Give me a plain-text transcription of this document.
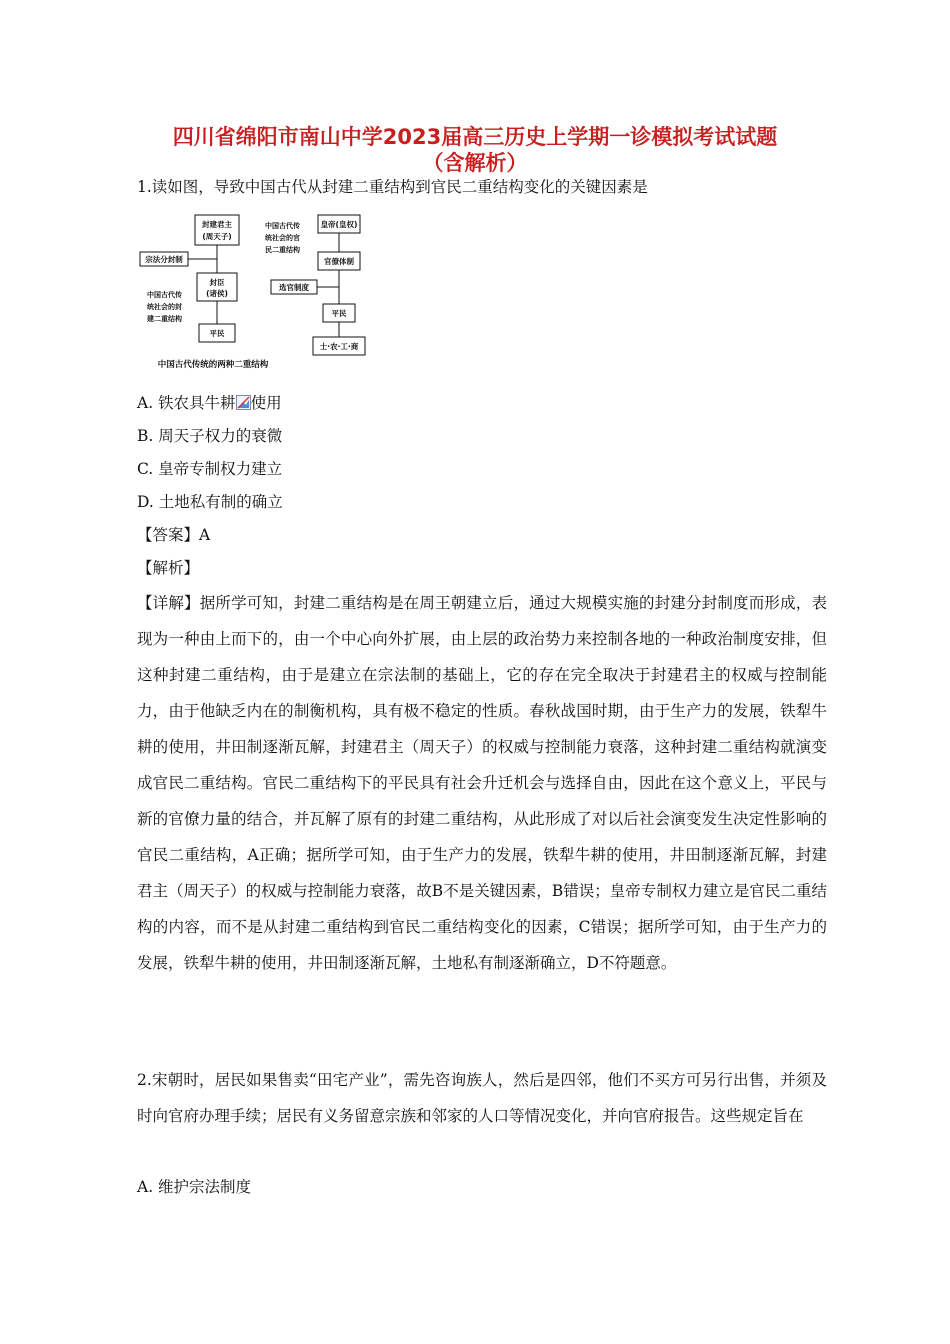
四川省绵阳市南山中学2023届高三历史上学期一诊模拟考试试题
（含解析）
1.读如图，导致中国古代从封建二重结构到官民二重结构变化的关键因素是
封建君主
(周天子)
宗法分封制
封臣
(诸侯)
平民
皇帝(皇权)
官僚体制
选官制度
平民
士·农·工·商
中国古代传
统社会的封
建二重结构
中国古代传
统社会的官
民二重结构
中国古代传统的两种二重结构
A. 铁农具牛耕 使用
B. 周天子权力的衰微
C. 皇帝专制权力建立
D. 土地私有制的确立
【答案】A
【解析】
【详解】据所学可知，封建二重结构是在周王朝建立后，通过大规模实施的封建分封制度而形成，表现为一种由上而下的，由一个中心向外扩展，由上层的政治势力来控制各地的一种政治制度安排，但这种封建二重结构，由于是建立在宗法制的基础上，它的存在完全取决于封建君主的权威与控制能力，由于他缺乏内在的制衡机构，具有极不稳定的性质。春秋战国时期，由于生产力的发展，铁犁牛耕的使用，井田制逐渐瓦解，封建君主（周天子）的权威与控制能力衰落，这种封建二重结构就演变成官民二重结构。官民二重结构下的平民具有社会升迁机会与选择自由，因此在这个意义上，平民与新的官僚力量的结合，并瓦解了原有的封建二重结构，从此形成了对以后社会演变发生决定性影响的官民二重结构，A正确；据所学可知，由于生产力的发展，铁犁牛耕的使用，井田制逐渐瓦解，封建君主（周天子）的权威与控制能力衰落，故B不是关键因素，B错误；皇帝专制权力建立是官民二重结构的内容，而不是从封建二重结构到官民二重结构变化的因素，C错误；据所学可知，由于生产力的发展，铁犁牛耕的使用，井田制逐渐瓦解，土地私有制逐渐确立，D不符题意。
2.宋朝时，居民如果售卖“田宅产业”，需先咨询族人，然后是四邻，他们不买方可另行出售，并须及时向官府办理手续；居民有义务留意宗族和邻家的人口等情况变化，并向官府报告。这些规定旨在
A. 维护宗法制度
